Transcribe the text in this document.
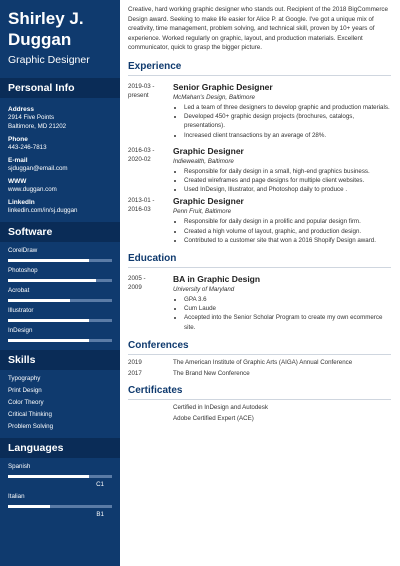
Shirley J.
Duggan
Graphic Designer
Personal Info
Address
2914 Five Points
Baltimore, MD 21202
Phone
443-246-7813
E-mail
sjduggan@email.com
WWW
www.duggan.com
LinkedIn
linkedin.com/in/sj.duggan
Software
CorelDraw
Photoshop
Acrobat
Illustrator
InDesign
Skills
Typography
Print Design
Color Theory
Critical Thinking
Problem Solving
Languages
Spanish
C1
Italian
B1
Creative, hard working graphic designer who stands out. Recipient of the 2018 BigCommerce Design award. Seeking to make life easier for Alice P. at Google. I've got a unique mix of creativity, time management, problem solving, and technical skill, proven by 10+ years of experience. Worked regularly on graphic, layout, and production materials. Excellent communicator, quick to grasp the bigger picture.
Experience
2019-03 -
present
Senior Graphic Designer
McMahan's Design, Baltimore
• Led a team of three designers to develop graphic and production materials.
• Developed 450+ graphic design projects (brochures, catalogs, presentations).
• Increased client transactions by an average of 28%.
2016-03 -
2020-02
Graphic Designer
Indiewealth, Baltimore
• Responsible for daily design in a small, high-end graphics business.
• Created wireframes and page designs for multiple client websites.
• Used InDesign, Illustrator, and Photoshop daily to produce .
2013-01 -
2016-03
Graphic Designer
Penn Fruit, Baltimore
• Responsible for daily design in a prolific and popular design firm.
• Created a high volume of layout, graphic, and production design.
• Contributed to a customer site that won a 2016 Shopify Design award.
Education
2005 -
2009
BA in Graphic Design
University of Maryland
• GPA 3.6
• Cum Laude
• Accepted into the Senior Scholar Program to create my own ecommerce site.
Conferences
2019	The American Institute of Graphic Arts (AIGA) Annual Conference
2017	The Brand New Conference
Certificates
Certified in InDesign and Autodesk
Adobe Certified Expert (ACE)
